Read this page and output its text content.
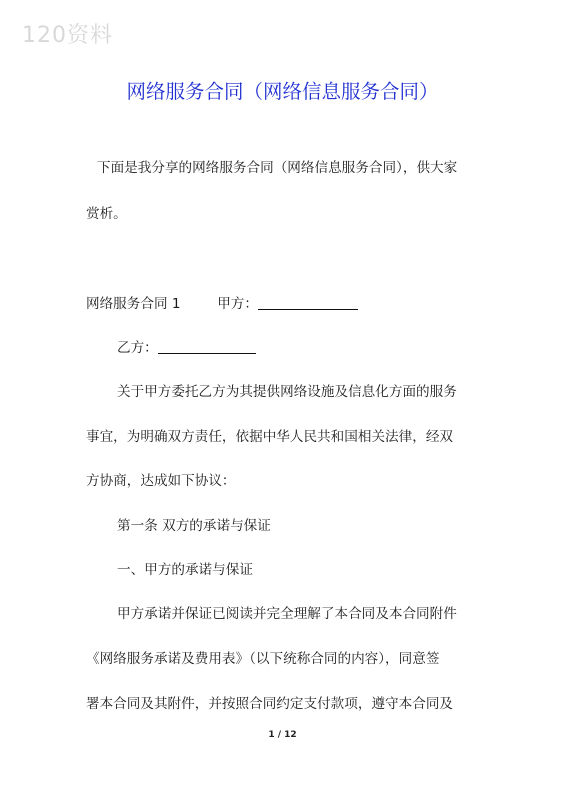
120资料
网络服务合同（网络信息服务合同）
下面是我分享的网络服务合同（网络信息服务合同），供大家
赏析。
网络服务合同 1	甲方：
乙方：
关于甲方委托乙方为其提供网络设施及信息化方面的服务
事宜，为明确双方责任，依据中华人民共和国相关法律，经双
方协商，达成如下协议：
第一条 双方的承诺与保证
一、甲方的承诺与保证
甲方承诺并保证已阅读并完全理解了本合同及本合同附件
《网络服务承诺及费用表》（以下统称合同的内容），同意签
署本合同及其附件，并按照合同约定支付款项，遵守本合同及
1 / 12
